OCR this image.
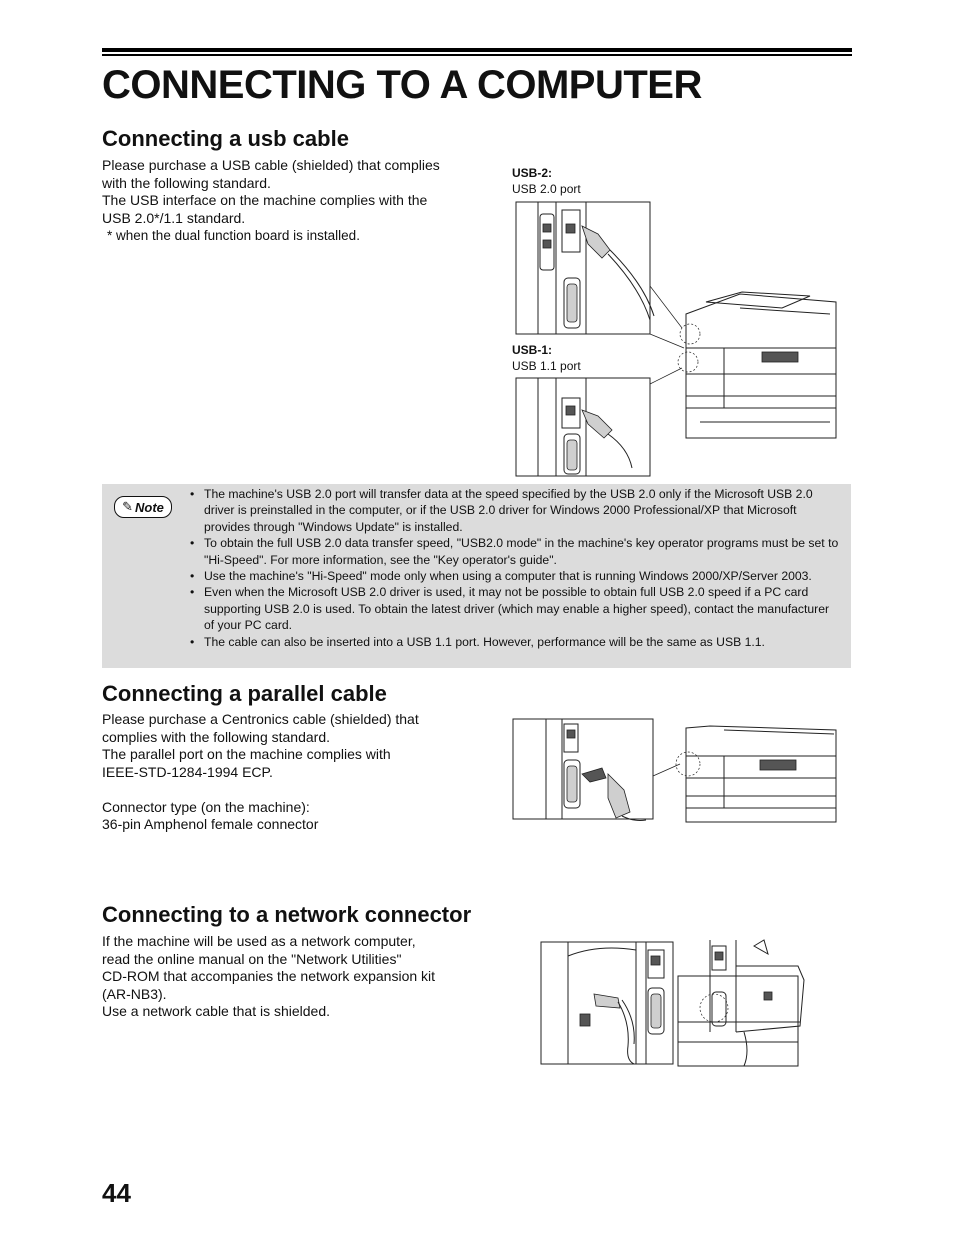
CONNECTING TO A COMPUTER
Connecting a usb cable

Please purchase a USB cable (shielded) that complies

with the following standard.

The USB interface on the machine complies with the

USB 2.0*/1.1 standard.

* when the dual function board is installed.

USB-2:
USB 2.0 port
USB-1:
USB 1.1 port
✎ Note
• The machine's USB 2.0 port will transfer data at the speed specified by the USB 2.0 only if the Microsoft USB 2.0 driver is preinstalled in the computer, or if the USB 2.0 driver for Windows 2000 Professional/XP that Microsoft provides through "Windows Update" is installed.
• To obtain the full USB 2.0 data transfer speed, "USB2.0 mode" in the machine's key operator programs must be set to "Hi-Speed". For more information, see the "Key operator's guide".
• Use the machine's "Hi-Speed" mode only when using a computer that is running Windows 2000/XP/Server 2003.
• Even when the Microsoft USB 2.0 driver is used, it may not be possible to obtain full USB 2.0 speed if a PC card supporting USB 2.0 is used. To obtain the latest driver (which may enable a higher speed), contact the manufacturer of your PC card.
• The cable can also be inserted into a USB 1.1 port. However, performance will be the same as USB 1.1.
Connecting a parallel cable

Please purchase a Centronics cable (shielded) that

complies with the following standard.

The parallel port on the machine complies with

IEEE-STD-1284-1994 ECP.

Connector type (on the machine):

36-pin Amphenol female connector

Connecting to a network connector

If the machine will be used as a network computer,

read the online manual on the "Network Utilities"

CD-ROM that accompanies the network expansion kit

(AR-NB3).

Use a network cable that is shielded.

44
